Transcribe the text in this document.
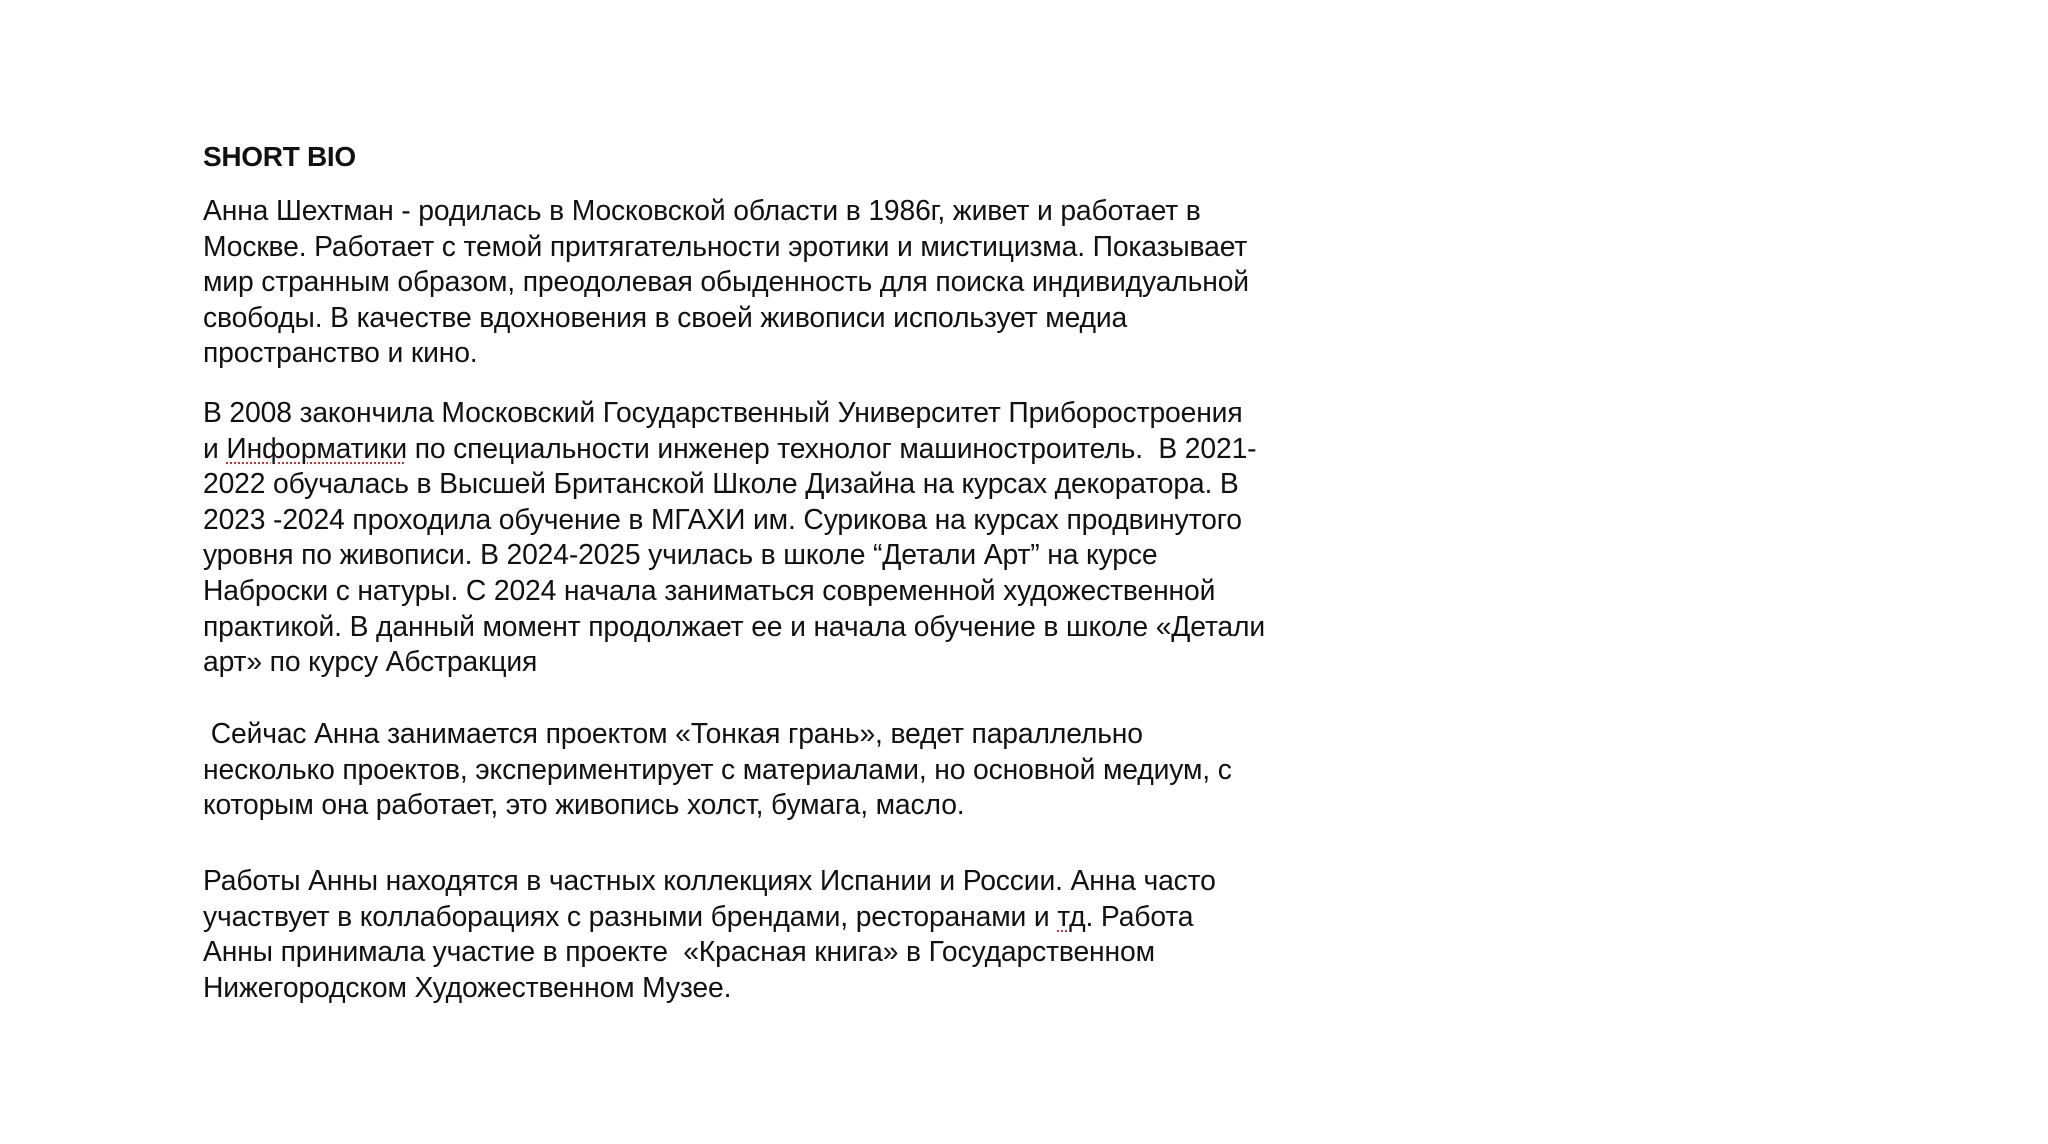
SHORT BIO
Анна Шехтман - родилась в Московской области в 1986г, живет и работает в
Москве. Работает с темой притягательности эротики и мистицизма. Показывает
мир странным образом, преодолевая обыденность для поиска индивидуальной
свободы. В качестве вдохновения в своей живописи использует медиа
пространство и кино.
В 2008 закончила Московский Государственный Университет Приборостроения
и Информатики по специальности инженер технолог машиностроитель.  В 2021-
2022 обучалась в Высшей Британской Школе Дизайна на курсах декоратора. В
2023 -2024 проходила обучение в МГАХИ им. Сурикова на курсах продвинутого
уровня по живописи. В 2024-2025 училась в школе “Детали Арт” на курсе
Наброски с натуры. С 2024 начала заниматься современной художественной
практикой. В данный момент продолжает ее и начала обучение в школе «Детали
арт» по курсу Абстракция
Сейчас Анна занимается проектом «Тонкая грань», ведет параллельно
несколько проектов, экспериментирует с материалами, но основной медиум, с
которым она работает, это живопись холст, бумага, масло.
Работы Анны находятся в частных коллекциях Испании и России. Анна часто
участвует в коллаборациях с разными брендами, ресторанами и тд. Работа
Анны принимала участие в проекте  «Красная книга» в Государственном
Нижегородском Художественном Музее.
